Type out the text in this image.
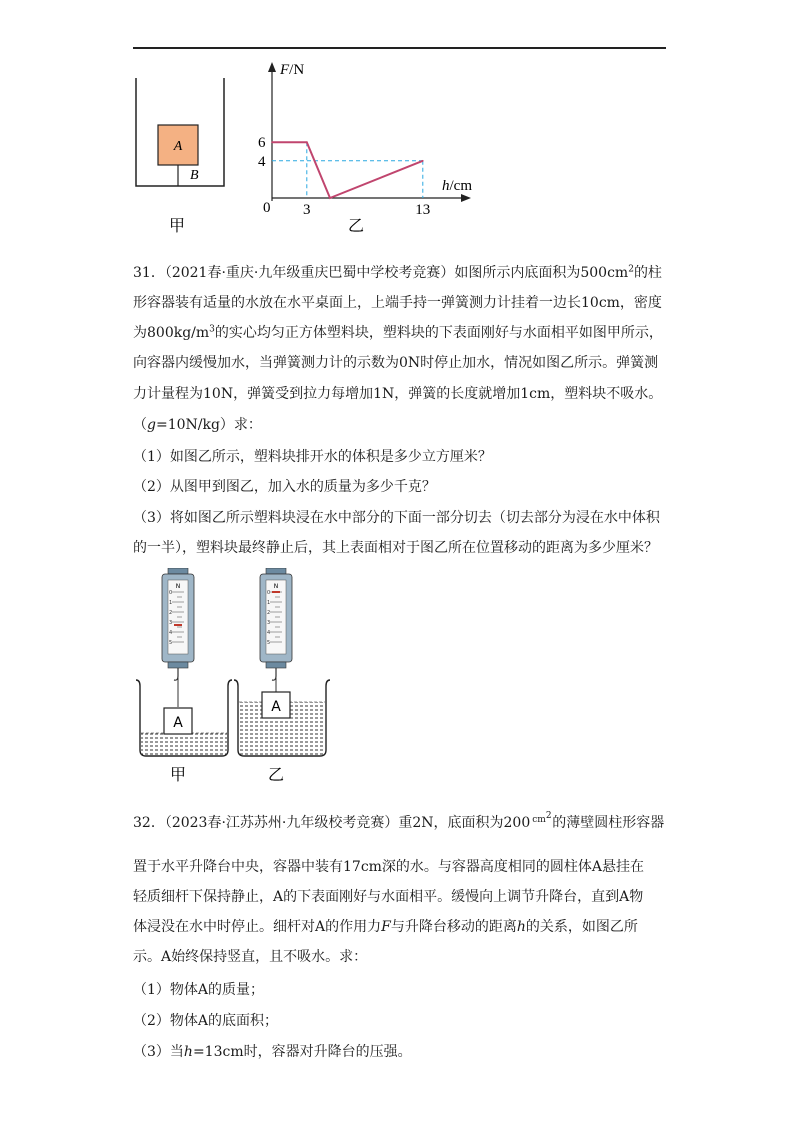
A
B
甲
F/N
h/cm
0
6
4
3	13
乙
31．（2021春·重庆·九年级重庆巴蜀中学校考竞赛）如图所示内底面积为$500cm^2$的柱
形容器装有适量的水放在水平桌面上，上端手持一弹簧测力计挂着一边长10cm，密度
为$800kg/m^3$的实心均匀正方体塑料块，塑料块的下表面刚好与水面相平如图甲所示，
向容器内缓慢加水，当弹簧测力计的示数为0N时停止加水，情况如图乙所示。弹簧测
力计量程为10N，弹簧受到拉力每增加1N，弹簧的长度就增加1cm，塑料块不吸水。
（g=10N/kg）求：
（1）如图乙所示，塑料块排开水的体积是多少立方厘米？
（2）从图甲到图乙，加入水的质量为多少千克？
（3）将如图乙所示塑料块浸在水中部分的下面一部分切去（切去部分为浸在水中体积
的一半），塑料块最终静止后，其上表面相对于图乙所在位置移动的距离为多少厘米？
N
0
1
2
3
4
5
A
甲
N
0
1
2
3
4
5
A
乙
32．（2023春·江苏苏州·九年级校考竞赛）重2N，底面积为200 cm2 的薄壁圆柱形容器
置于水平升降台中央，容器中装有17cm深的水。与容器高度相同的圆柱体A悬挂在
轻质细杆下保持静止，A的下表面刚好与水面相平。缓慢向上调节升降台，直到A物
体浸没在水中时停止。细杆对A的作用力F与升降台移动的距离h的关系，如图乙所
示。A始终保持竖直，且不吸水。求：
（1）物体A的质量；
（2）物体A的底面积；
（3）当h=13cm时，容器对升降台的压强。
